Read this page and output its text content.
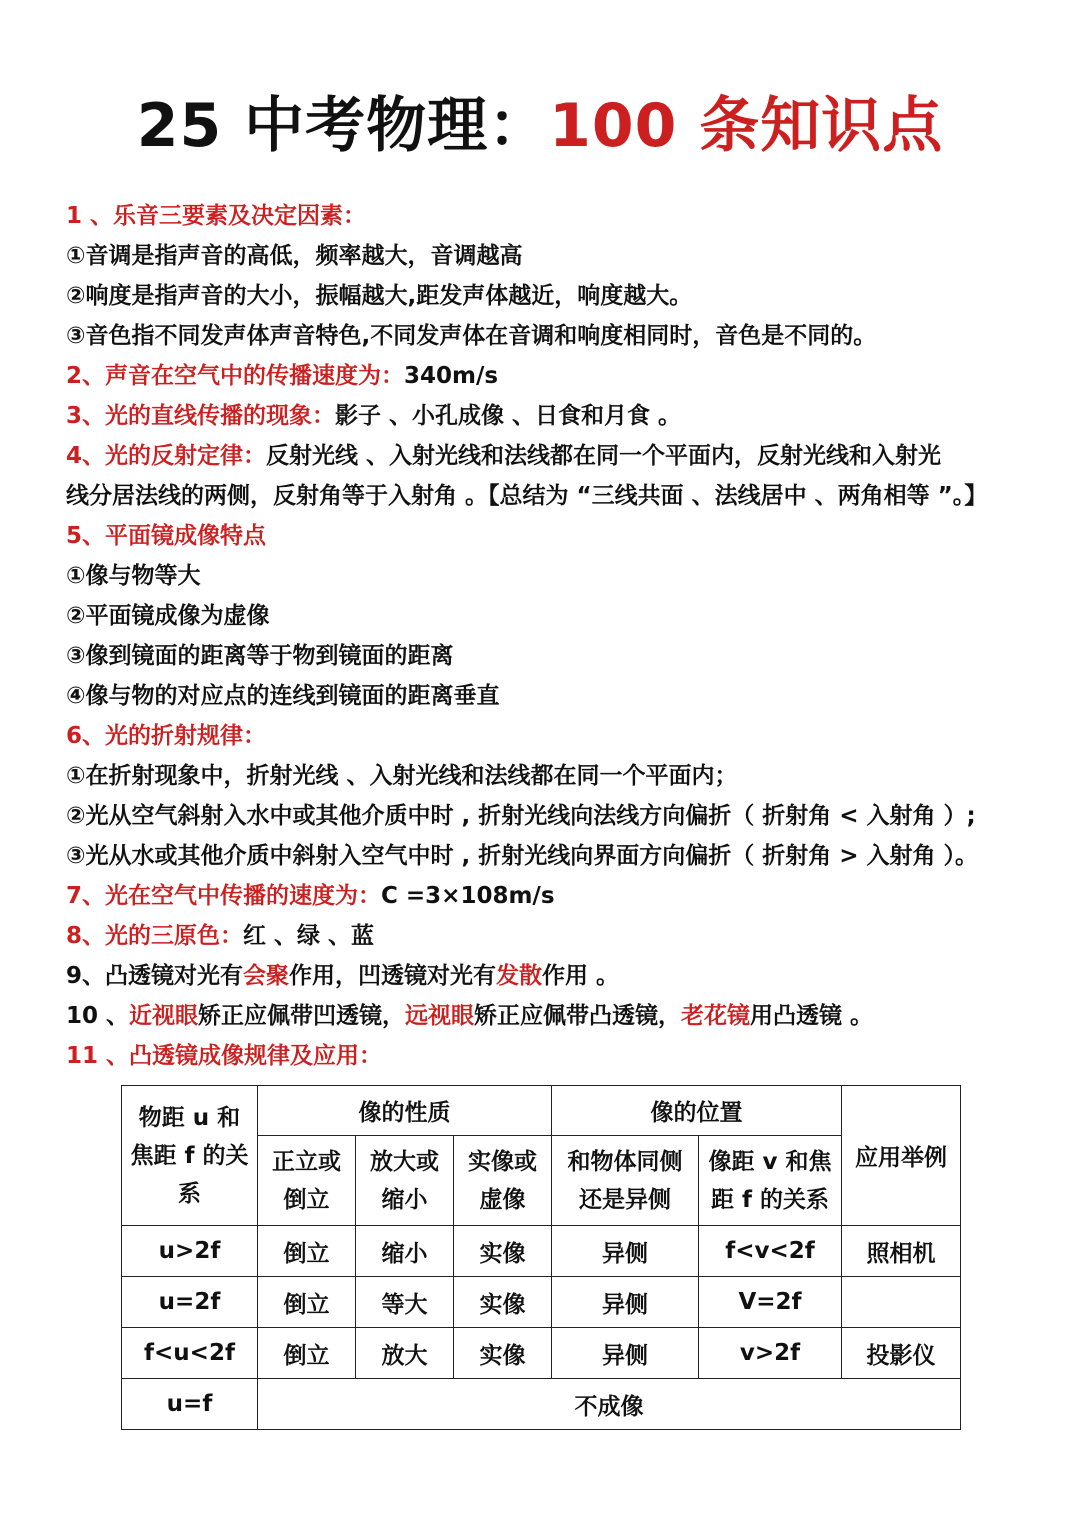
25 中考物理：100 条知识点
1 、乐音三要素及决定因素：
①音调是指声音的高低，频率越大，音调越高
②响度是指声音的大小，振幅越大,距发声体越近，响度越大。
③音色指不同发声体声音特色,不同发声体在音调和响度相同时，音色是不同的。
2、声音在空气中的传播速度为：340m/s
3、光的直线传播的现象：影子 、小孔成像 、日食和月食 。
4、光的反射定律：反射光线 、入射光线和法线都在同一个平面内，反射光线和入射光
线分居法线的两侧，反射角等于入射角 。【总结为 “三线共面 、法线居中 、两角相等 ”。】
5、平面镜成像特点
①像与物等大
②平面镜成像为虚像
③像到镜面的距离等于物到镜面的距离
④像与物的对应点的连线到镜面的距离垂直
6、光的折射规律：
①在折射现象中，折射光线 、入射光线和法线都在同一个平面内；
②光从空气斜射入水中或其他介质中时 , 折射光线向法线方向偏折（ 折射角 < 入射角 ）;
③光从水或其他介质中斜射入空气中时 , 折射光线向界面方向偏折（ 折射角 > 入射角 ）。
7、光在空气中传播的速度为：C =3×108m/s
8、光的三原色：红 、绿 、蓝
9、凸透镜对光有会聚作用，凹透镜对光有发散作用 。
10 、近视眼矫正应佩带凹透镜，远视眼矫正应佩带凸透镜，老花镜用凸透镜 。
11 、凸透镜成像规律及应用：
物距 u 和焦距 f 的关系	像的性质			像的位置		应用举例

	正立或倒立	放大或缩小	实像或虚像	和物体同侧还是异侧	像距 v 和焦距 f 的关系	

u>2f	倒立	缩小	实像	异侧	f<v<2f	照相机
u=2f	倒立	等大	实像	异侧	V=2f	
f<u<2f	倒立	放大	实像	异侧	v>2f	投影仪
u=f	不成像					
